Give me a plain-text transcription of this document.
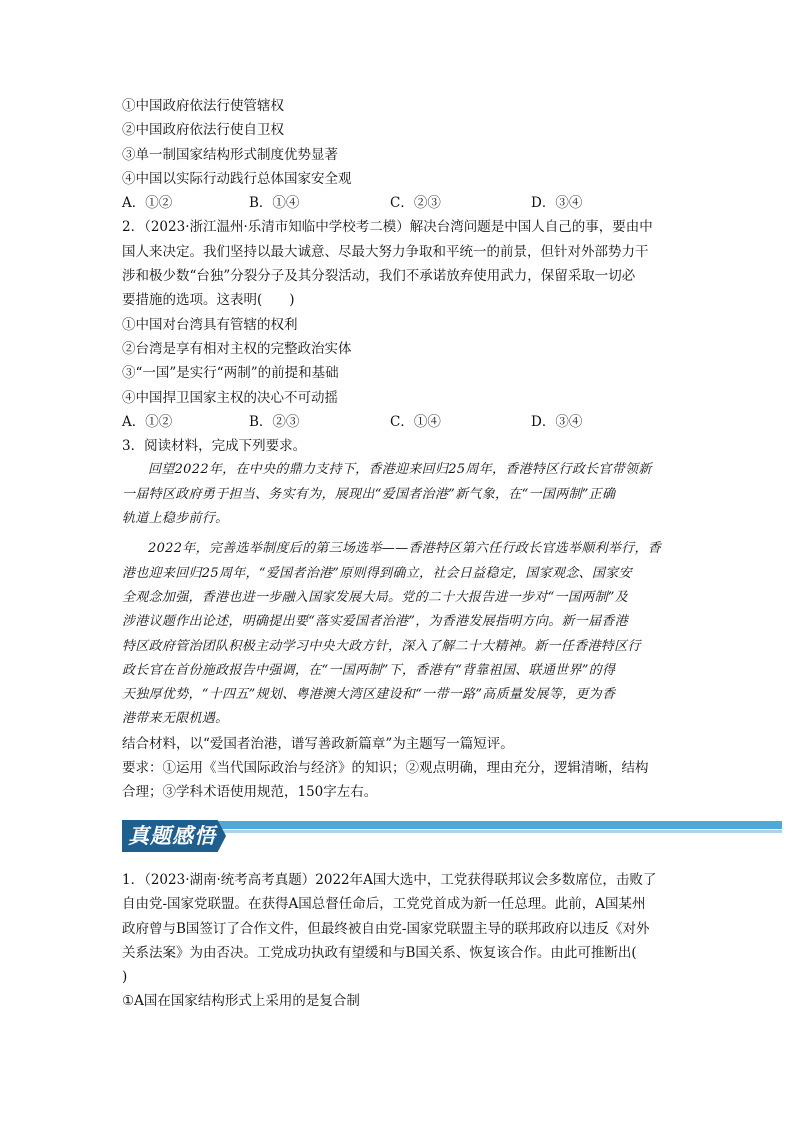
①中国政府依法行使管辖权
②中国政府依法行使自卫权
③单一制国家结构形式制度优势显著
④中国以实际行动践行总体国家安全观
A．①②	B．①④	C．②③	D．③④
2．（2023·浙江温州·乐清市知临中学校考二模）解决台湾问题是中国人自己的事，要由中
国人来决定。我们坚持以最大诚意、尽最大努力争取和平统一的前景，但针对外部势力干
涉和极少数“台独”分裂分子及其分裂活动，我们不承诺放弃使用武力，保留采取一切必
要措施的选项。这表明(　　)
①中国对台湾具有管辖的权利
②台湾是享有相对主权的完整政治实体
③“一国”是实行“两制”的前提和基础
④中国捍卫国家主权的决心不可动摇
A．①②	B．②③	C．①④	D．③④
3．阅读材料，完成下列要求。
回望2022年，在中央的鼎力支持下，香港迎来回归25周年，香港特区行政长官带领新
一届特区政府勇于担当、务实有为，展现出“爱国者治港”新气象，在“一国两制”正确
轨道上稳步前行。
2022年，完善选举制度后的第三场选举——香港特区第六任行政长官选举顺利举行，香
港也迎来回归25周年，“爱国者治港”原则得到确立，社会日益稳定，国家观念、国家安
全观念加强，香港也进一步融入国家发展大局。党的二十大报告进一步对“一国两制”及
涉港议题作出论述，明确提出要“落实爱国者治港”，为香港发展指明方向。新一届香港
特区政府管治团队积极主动学习中央大政方针，深入了解二十大精神。新一任香港特区行
政长官在首份施政报告中强调，在“一国两制”下，香港有“背靠祖国、联通世界”的得
天独厚优势，“十四五”规划、粤港澳大湾区建设和“一带一路”高质量发展等，更为香
港带来无限机遇。
结合材料，以“爱国者治港，谱写善政新篇章”为主题写一篇短评。
要求：①运用《当代国际政治与经济》的知识；②观点明确，理由充分，逻辑清晰，结构
合理；③学科术语使用规范，150字左右。
真题感悟
1．（2023·湖南·统考高考真题）2022年A国大选中，工党获得联邦议会多数席位，击败了
自由党-国家党联盟。在获得A国总督任命后，工党党首成为新一任总理。此前，A国某州
政府曾与B国签订了合作文件，但最终被自由党-国家党联盟主导的联邦政府以违反《对外
关系法案》为由否决。工党成功执政有望缓和与B国关系、恢复该合作。由此可推断出(
)
①A国在国家结构形式上采用的是复合制
